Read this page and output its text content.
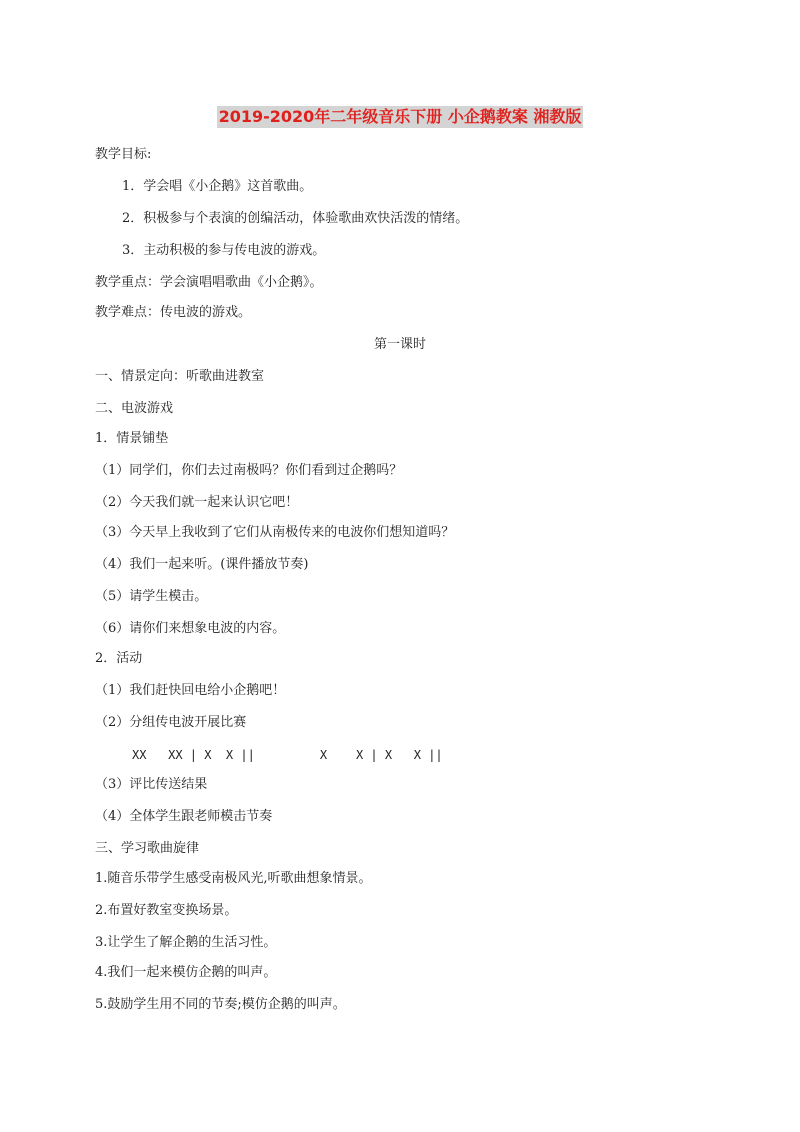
2019-2020年二年级音乐下册 小企鹅教案 湘教版
教学目标:
1．学会唱《小企鹅》这首歌曲。
2．积极参与个表演的创编活动，体验歌曲欢快活泼的情绪。
3．主动积极的参与传电波的游戏。
教学重点：学会演唱唱歌曲《小企鹅》。
教学难点：传电波的游戏。
第一课时
一、情景定向：听歌曲进教室
二、电波游戏
1．情景铺垫
（1）同学们，你们去过南极吗？你们看到过企鹅吗？
（2）今天我们就一起来认识它吧！
（3）今天早上我收到了它们从南极传来的电波你们想知道吗？
（4）我们一起来听。(课件播放节奏)
（5）请学生模击。
（6）请你们来想象电波的内容。
2．活动
（1）我们赶快回电给小企鹅吧！
（2）分组传电波开展比赛
XX   XX | X  X ||         X    X | X   X ||
（3）评比传送结果
（4）全体学生跟老师模击节奏
三、学习歌曲旋律
1.随音乐带学生感受南极风光,听歌曲想象情景。
2.布置好教室变换场景。
3.让学生了解企鹅的生活习性。
4.我们一起来模仿企鹅的叫声。
5.鼓励学生用不同的节奏;模仿企鹅的叫声。
